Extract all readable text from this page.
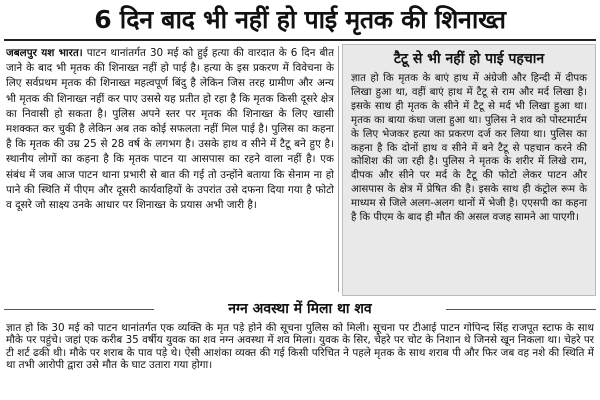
6 दिन बाद भी नहीं हो पाई मृतक की शिनाख्त
जबलपुर यश भारत। पाटन थानांतर्गत 30 मई को हुई हत्या की वारदात के 6 दिन बीत जाने के बाद भी मृतक की शिनाख्त नहीं हो पाई है। हत्या के इस प्रकरण में विवेचना के लिए सर्वप्रथम मृतक की शिनाख्त महत्वपूर्ण बिंदु है लेकिन जिस तरह ग्रामीण और अन्य भी मृतक की शिनाख्त नहीं कर पाए उससे यह प्रतीत हो रहा है कि मृतक किसी दूसरे क्षेत्र का निवासी हो सकता है। पुलिस अपने स्तर पर मृतक की शिनाख्त के लिए खासी मशक्कत कर चुकी है लेकिन अब तक कोई सफलता नहीं मिल पाई है। पुलिस का कहना है कि मृतक की उम्र 25 से 28 वर्ष के लगभग है। उसके हाथ व सीने में टैटू बने हुए है। स्थानीय लोगों का कहना है कि मृतक पाटन या आसपास का रहने वाला नहीं है। एक संबंध में जब आज पाटन थाना प्रभारी से बात की गई तो उन्होंने बताया कि सेनाम ना हो पाने की स्थिति में पीएम और दूसरी कार्यवाहियों के उपरांत उसे दफना दिया गया है फोटो व दूसरे जो साक्ष्य उनके आधार पर शिनाख्त के प्रयास अभी जारी है।
टैटू से भी नहीं हो पाई पहचान
ज्ञात हो कि मृतक के बाएं हाथ में अंग्रेजी और हिन्दी में दीपक लिखा हुआ था, वहीं बाएं हाथ में टैटू से राम और मर्द लिखा है। इसके साथ ही मृतक के सीने में टैटू से मर्द भी लिखा हुआ था। मृतक का बाया कंधा जला हुआ था। पुलिस ने शव को पोस्टमार्टम के लिए भेजकर हत्या का प्रकरण दर्ज कर लिया था। पुलिस का कहना है कि दोनों हाथ व सीने में बने टैटू से पहचान करने की कोशिश की जा रही है। पुलिस ने मृतक के शरीर में लिखे राम, दीपक और सीने पर मर्द के टैटू की फोटो लेकर पाटन और आसपास के क्षेत्र में प्रेषित की है। इसके साथ ही कंट्रोल रूम के माध्यम से जिले अलग-अलग थानों में भेजी है। एएसपी का कहना है कि पीएम के बाद ही मौत की असल वजह सामने आ पाएगी।
नग्न अवस्था में मिला था शव
ज्ञात हो कि 30 मई को पाटन थानांतर्गत एक व्यक्ति के मृत पड़े होने की सूचना पुलिस को मिली। सूचना पर टीआई पाटन गोपिन्द सिंह राजपूत स्टाफ के साथ मौके पर पहुंचे। जहां एक करीब 35 वर्षीय युवक का शव नग्न अवस्था में शव मिला। युवक के सिर, चेहरे पर चोट के निशान थे जिनसे खून निकला था। चेहरे पर टी शर्ट ढकी थी। मौके पर शराब के पाव पड़े थे। ऐसी आशंका व्यक्त की गई किसी परिचित ने पहले मृतक के साथ शराब पी और फिर जब वह नशे की स्थिति में था तभी आरोपी द्वारा उसे मौत के घाट उतारा गया होगा।
